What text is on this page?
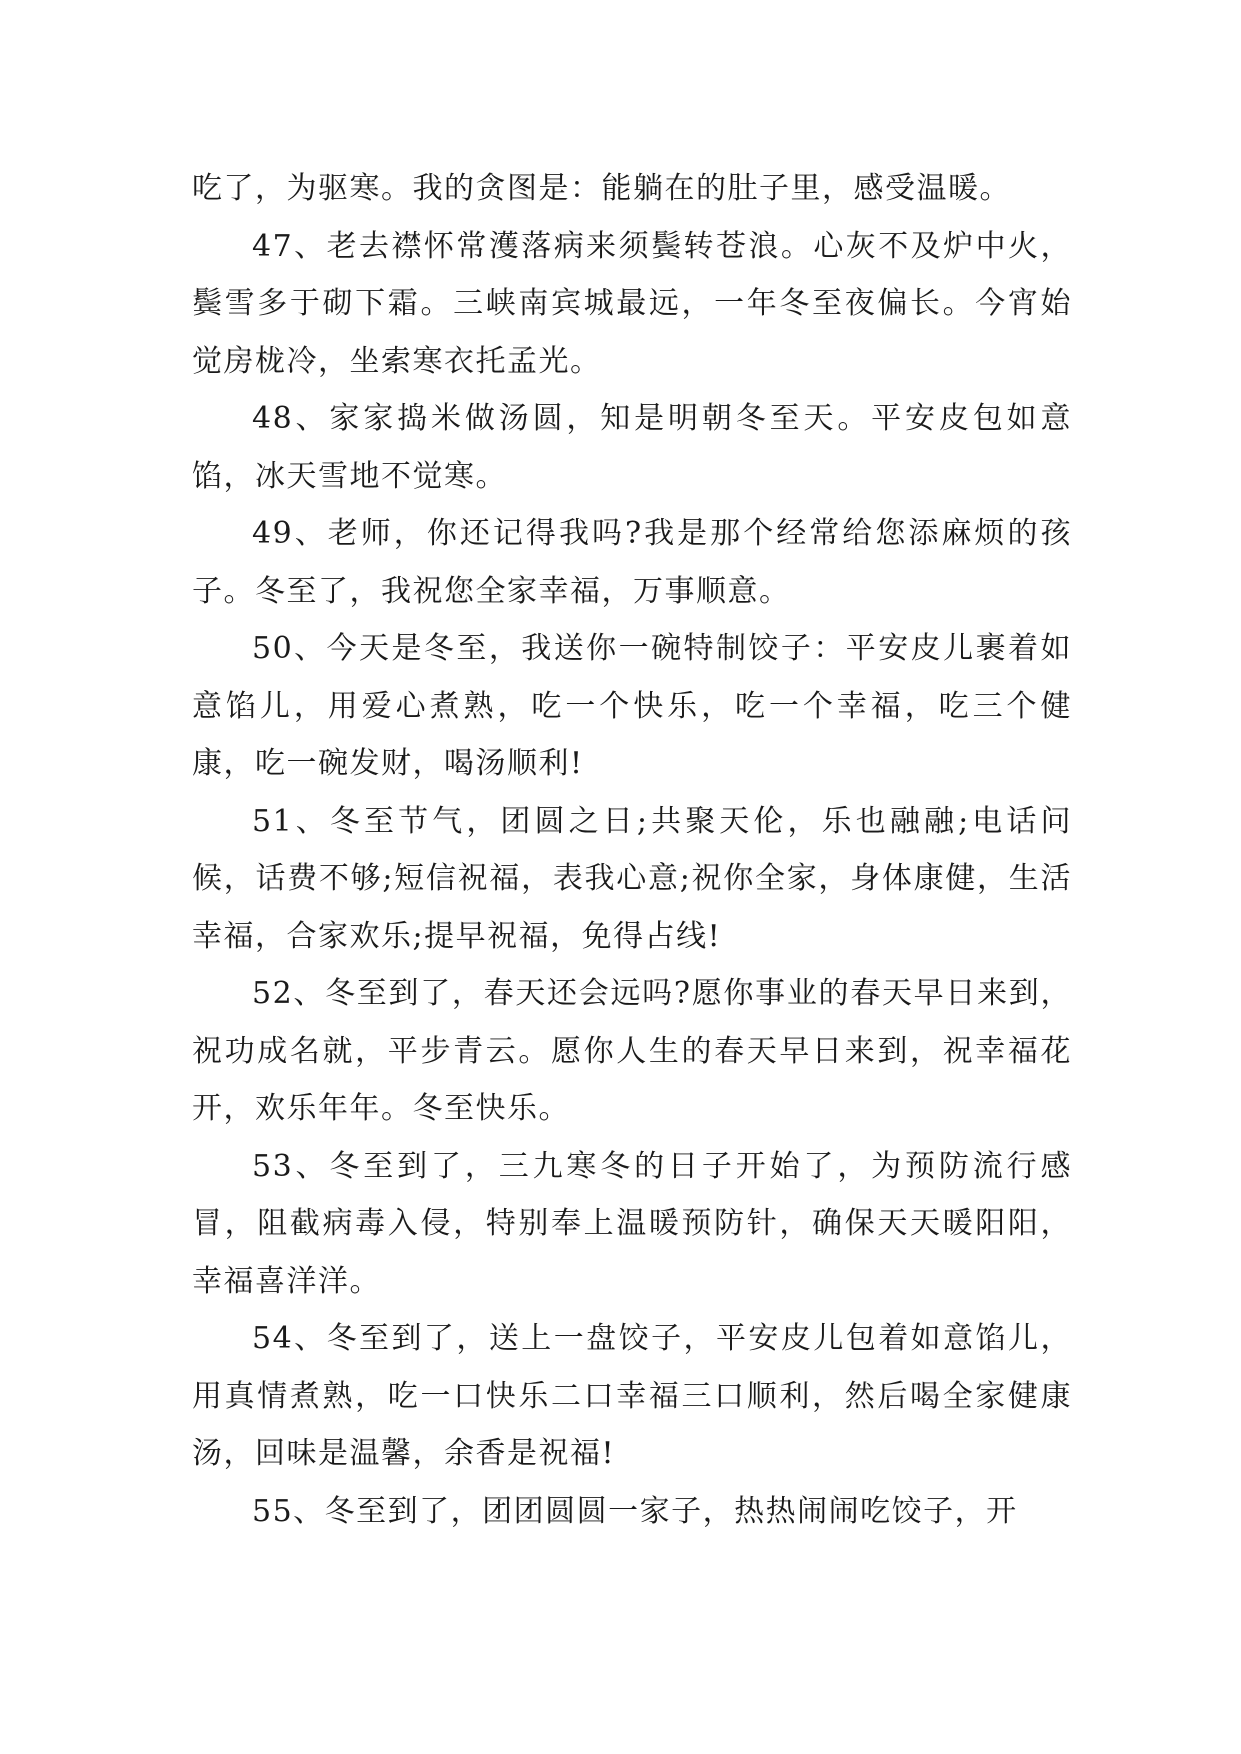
吃了，为驱寒。我的贪图是：能躺在的肚子里，感受温暖。

47、老去襟怀常濩落病来须鬓转苍浪。心灰不及炉中火，鬓雪多于砌下霜。三峡南宾城最远，一年冬至夜偏长。今宵始觉房栊冷，坐索寒衣托孟光。

48、家家捣米做汤圆，知是明朝冬至天。平安皮包如意馅，冰天雪地不觉寒。

49、老师，你还记得我吗?我是那个经常给您添麻烦的孩子。冬至了，我祝您全家幸福，万事顺意。

50、今天是冬至，我送你一碗特制饺子：平安皮儿裹着如意馅儿，用爱心煮熟，吃一个快乐，吃一个幸福，吃三个健康，吃一碗发财，喝汤顺利!

51、冬至节气，团圆之日;共聚天伦，乐也融融;电话问候，话费不够;短信祝福，表我心意;祝你全家，身体康健，生活幸福，合家欢乐;提早祝福，免得占线!

52、冬至到了，春天还会远吗?愿你事业的春天早日来到，祝功成名就，平步青云。愿你人生的春天早日来到，祝幸福花开，欢乐年年。冬至快乐。

53、冬至到了，三九寒冬的日子开始了，为预防流行感冒，阻截病毒入侵，特别奉上温暖预防针，确保天天暖阳阳，幸福喜洋洋。

54、冬至到了，送上一盘饺子，平安皮儿包着如意馅儿，用真情煮熟，吃一口快乐二口幸福三口顺利，然后喝全家健康汤，回味是温馨，余香是祝福!

55、冬至到了，团团圆圆一家子，热热闹闹吃饺子，开
